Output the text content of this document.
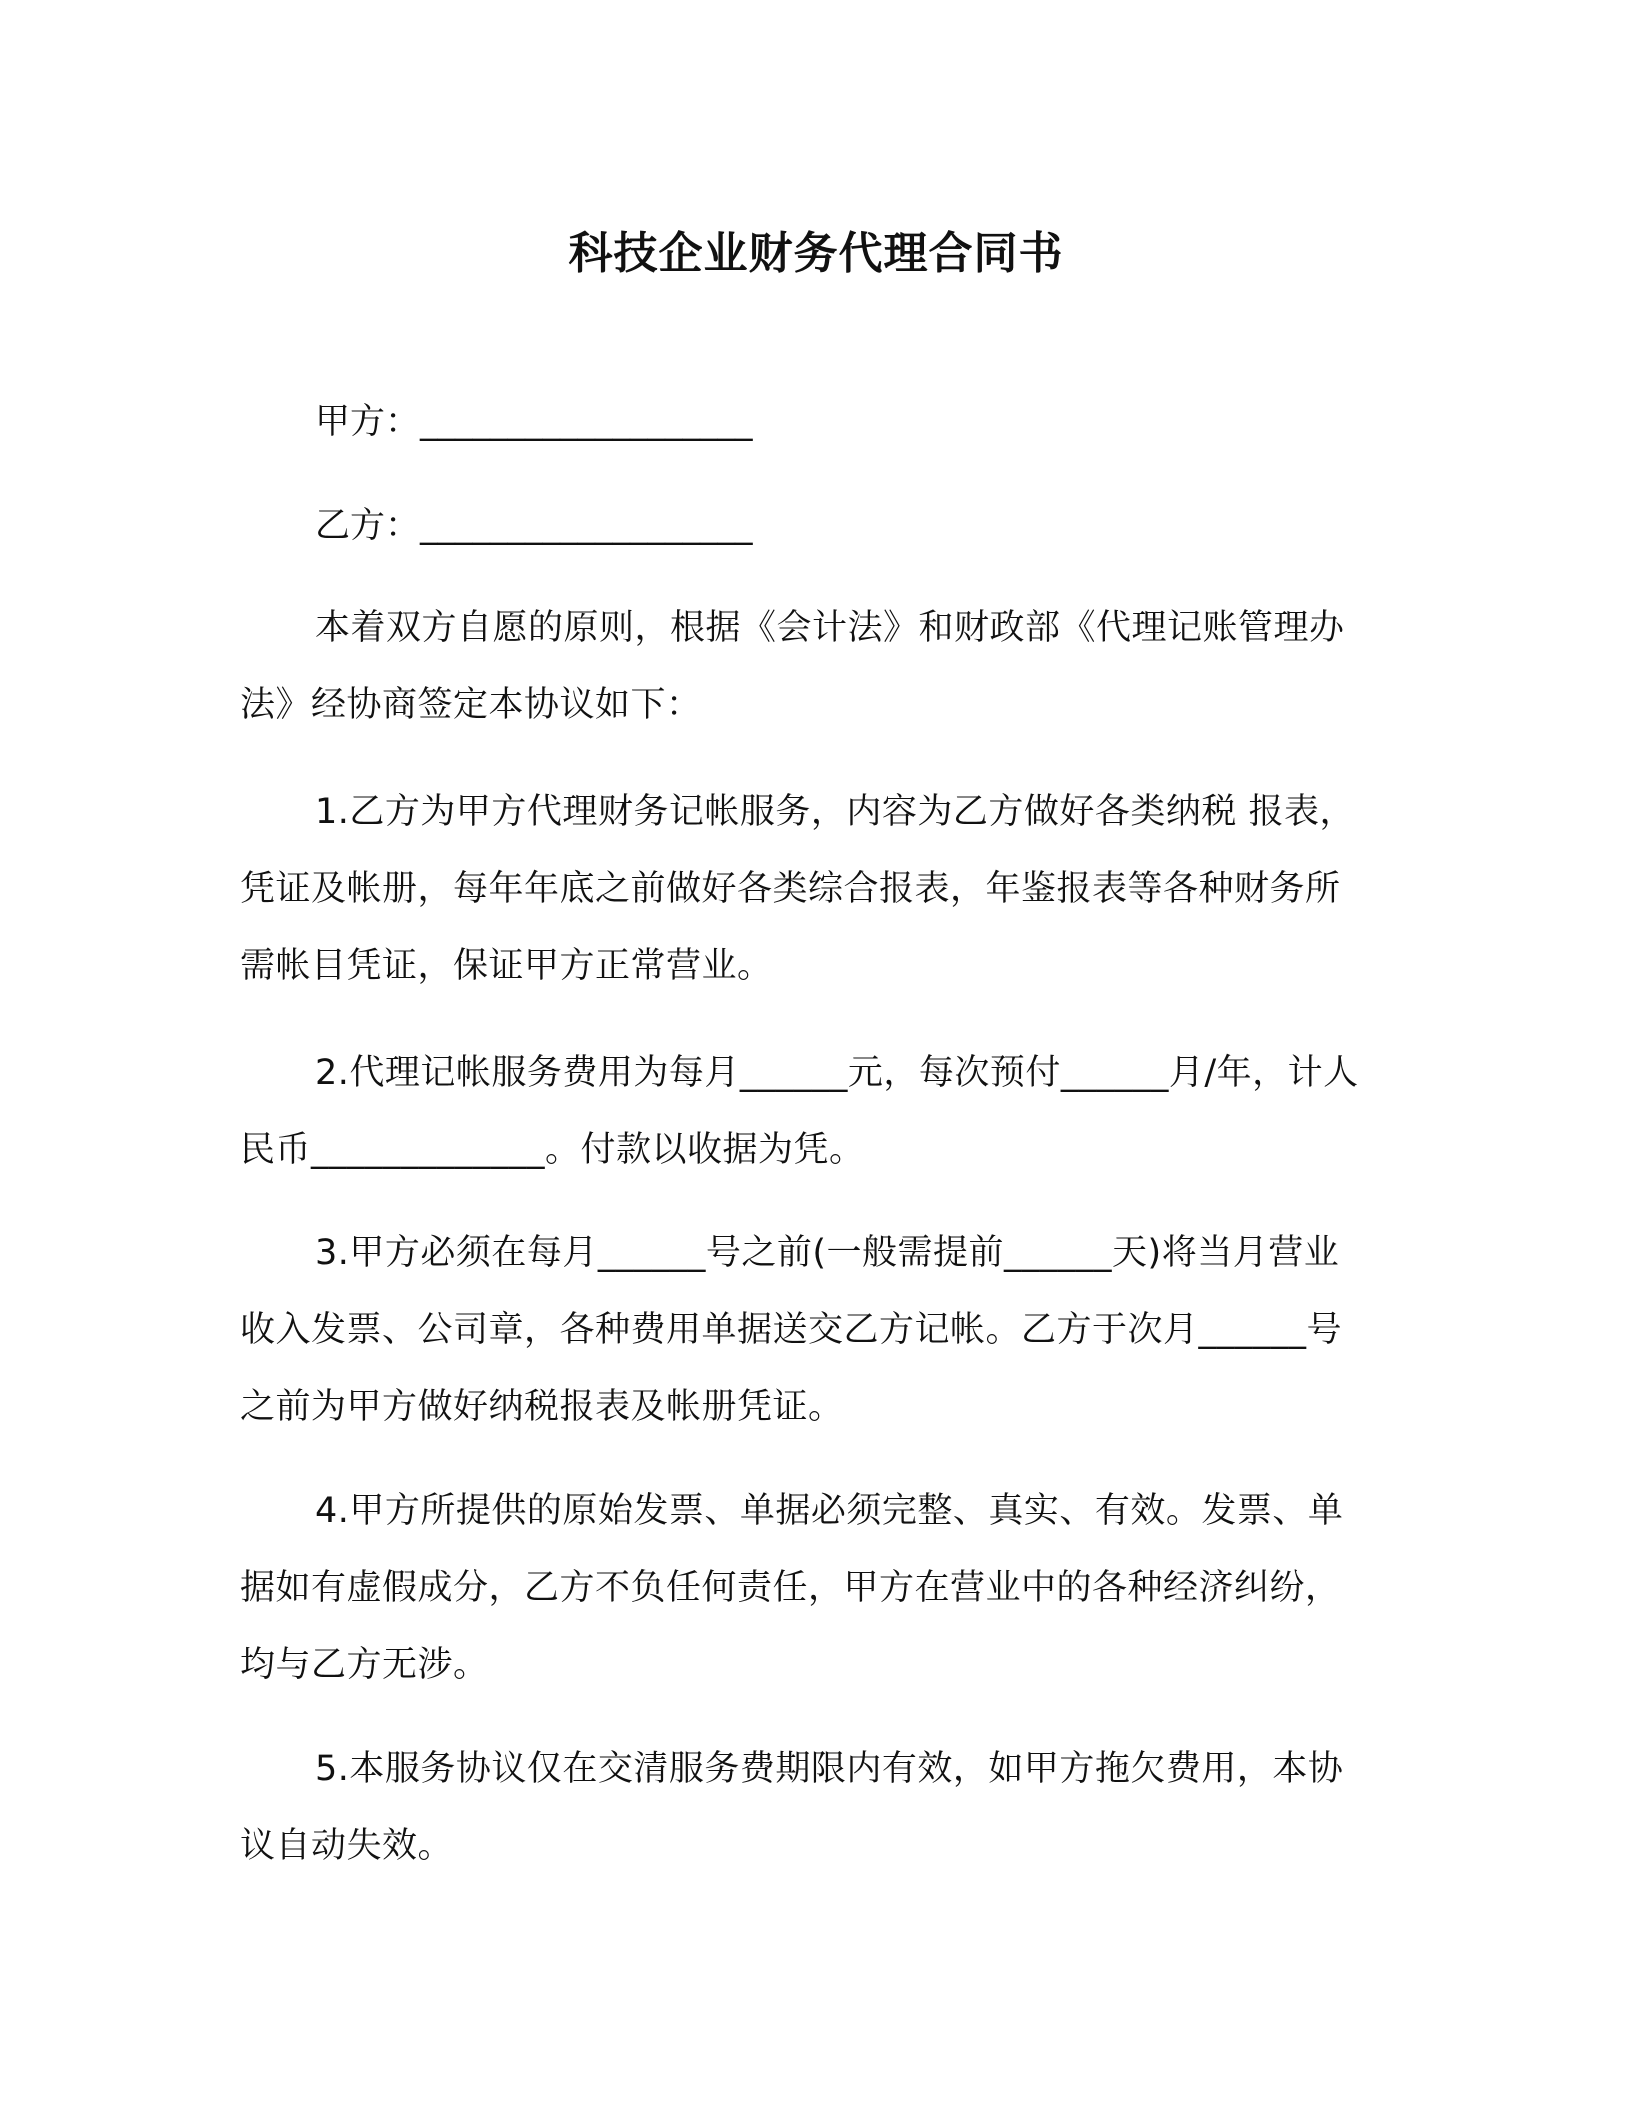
科技企业财务代理合同书
甲方：___________________
乙方：___________________

本着双方自愿的原则，根据《会计法》和财政部《代理记账管理办法》经协商签定本协议如下：

1.乙方为甲方代理财务记帐服务，内容为乙方做好各类纳税 报表，凭证及帐册，每年年底之前做好各类综合报表，年鉴报表等各种财务所需帐目凭证，保证甲方正常营业。

2.代理记帐服务费用为每月______元，每次预付______月/年，计人民币_____________。付款以收据为凭。

3.甲方必须在每月______号之前(一般需提前______天)将当月营业收入发票、公司章，各种费用单据送交乙方记帐。乙方于次月______号之前为甲方做好纳税报表及帐册凭证。

4.甲方所提供的原始发票、单据必须完整、真实、有效。发票、单据如有虚假成分，乙方不负任何责任，甲方在营业中的各种经济纠纷，均与乙方无涉。

5.本服务协议仅在交清服务费期限内有效，如甲方拖欠费用，本协议自动失效。
